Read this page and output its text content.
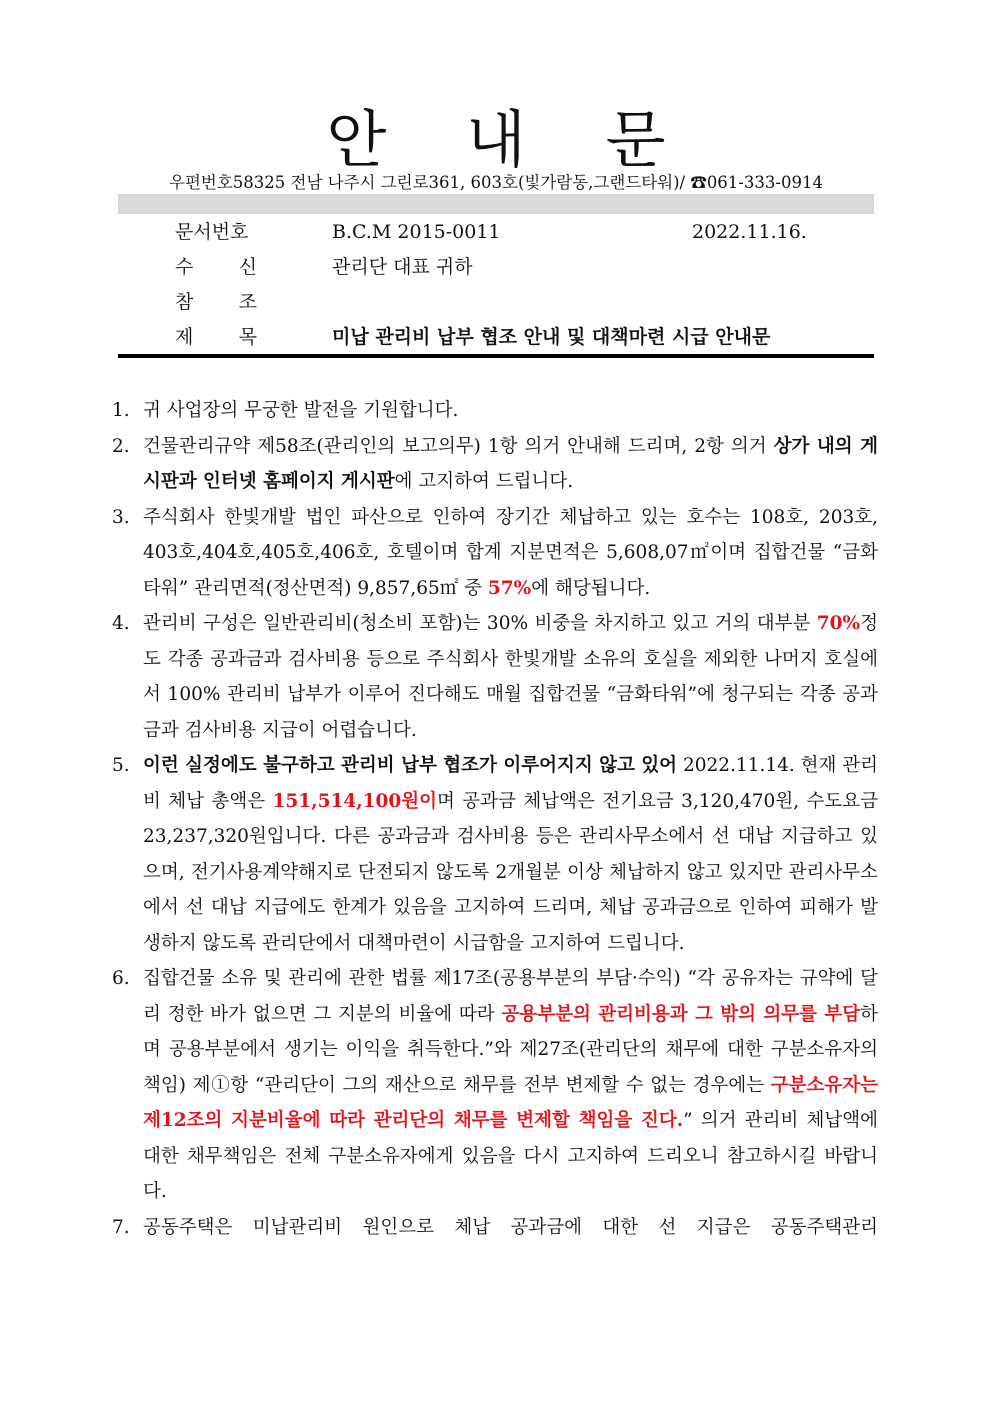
안 내 문
우편번호58325 전남 나주시 그린로361, 603호(빛가람동,그랜드타워)/ ☎061-333-0914
문서번호	B.C.M 2015-0011	2022.11.16.
수 신	관리단 대표 귀하
참 조
제 목	미납 관리비 납부 협조 안내 및 대책마련 시급 안내문
1. 귀 사업장의 무궁한 발전을 기원합니다.
2. 건물관리규약 제58조(관리인의 보고의무) 1항 의거 안내해 드리며, 2항 의거 상가 내의 게시판과 인터넷 홈페이지 게시판에 고지하여 드립니다.
3. 주식회사 한빛개발 법인 파산으로 인하여 장기간 체납하고 있는 호수는 108호, 203호, 403호,404호,405호,406호, 호텔이며 합계 지분면적은 5,608,07㎡이며 집합건물 “금화타워” 관리면적(정산면적) 9,857,65㎡ 중 57%에 해당됩니다.
4. 관리비 구성은 일반관리비(청소비 포함)는 30% 비중을 차지하고 있고 거의 대부분 70%정도 각종 공과금과 검사비용 등으로 주식회사 한빛개발 소유의 호실을 제외한 나머지 호실에서 100% 관리비 납부가 이루어 진다해도 매월 집합건물 “금화타워”에 청구되는 각종 공과금과 검사비용 지급이 어렵습니다.
5. 이런 실정에도 불구하고 관리비 납부 협조가 이루어지지 않고 있어 2022.11.14. 현재 관리비 체납 총액은 151,514,100원이며 공과금 체납액은 전기요금 3,120,470원, 수도요금 23,237,320원입니다. 다른 공과금과 검사비용 등은 관리사무소에서 선 대납 지급하고 있으며, 전기사용계약해지로 단전되지 않도록 2개월분 이상 체납하지 않고 있지만 관리사무소에서 선 대납 지급에도 한계가 있음을 고지하여 드리며, 체납 공과금으로 인하여 피해가 발생하지 않도록 관리단에서 대책마련이 시급함을 고지하여 드립니다.
6. 집합건물 소유 및 관리에 관한 법률 제17조(공용부분의 부담·수익) “각 공유자는 규약에 달리 정한 바가 없으면 그 지분의 비율에 따라 공용부분의 관리비용과 그 밖의 의무를 부담하며 공용부분에서 생기는 이익을 취득한다.”와 제27조(관리단의 채무에 대한 구분소유자의 책임) 제①항 “관리단이 그의 재산으로 채무를 전부 변제할 수 없는 경우에는 구분소유자는 제12조의 지분비율에 따라 관리단의 채무를 변제할 책임을 진다.” 의거 관리비 체납액에 대한 채무책임은 전체 구분소유자에게 있음을 다시 고지하여 드리오니 참고하시길 바랍니다.
7. 공동주택은 미납관리비 원인으로 체납 공과금에 대한 선 지급은 공동주택관리
